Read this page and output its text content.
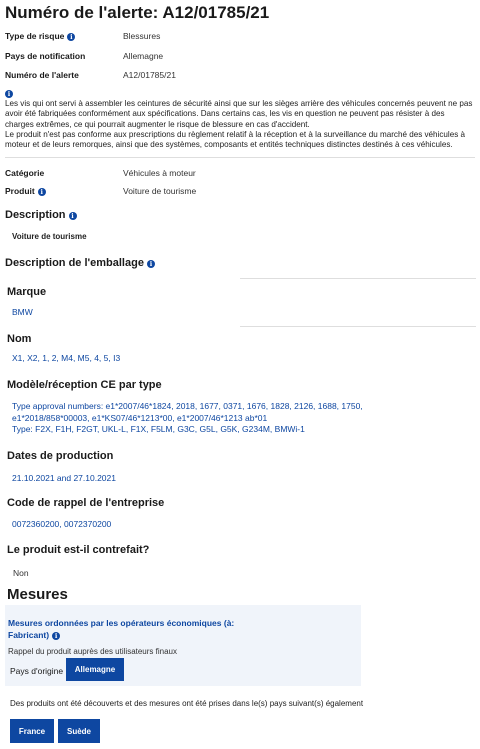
Numéro de l'alerte: A12/01785/21
Type de risque i	Blessures
Pays de notification	Allemagne
Numéro de l'alerte	A12/01785/21
i

Les vis qui ont servi à assembler les ceintures de sécurité ainsi que sur les sièges arrière des véhicules concernés peuvent ne pas avoir été fabriquées conformément aux spécifications. Dans certains cas, les vis en question ne peuvent pas résister à des charges extrêmes, ce qui pourrait augmenter le risque de blessure en cas d'accident.

Le produit n'est pas conforme aux prescriptions du règlement relatif à la réception et à la surveillance du marché des véhicules à moteur et de leurs remorques, ainsi que des systèmes, composants et entités techniques distinctes destinés à ces véhicules.

Catégorie	Véhicules à moteur
Produit i	Voiture de tourisme
Description i
Voiture de tourisme
Description de l'emballage i
Marque
BMW
Nom
X1, X2, 1, 2, M4, M5, 4, 5, I3
Modèle/réception CE par type
Type approval numbers: e1*2007/46*1824, 2018, 1677, 0371, 1676, 1828, 2126, 1688, 1750,
e1*2018/858*00003, e1*KS07/46*1213*00, e1*2007/46*1213 ab*01
Type: F2X, F1H, F2GT, UKL-L, F1X, F5LM, G3C, G5L, G5K, G234M, BMWi-1
Dates de production
21.10.2021 and 27.10.2021
Code de rappel de l'entreprise
0072360200, 0072370200
Le produit est-il contrefait?
Non
Mesures
Mesures ordonnées par les opérateurs économiques (à: Fabricant) i
Rappel du produit auprès des utilisateurs finaux
Pays d'origine	Allemagne
Des produits ont été découverts et des mesures ont été prises dans le(s) pays suivant(s) également
France	Suède
